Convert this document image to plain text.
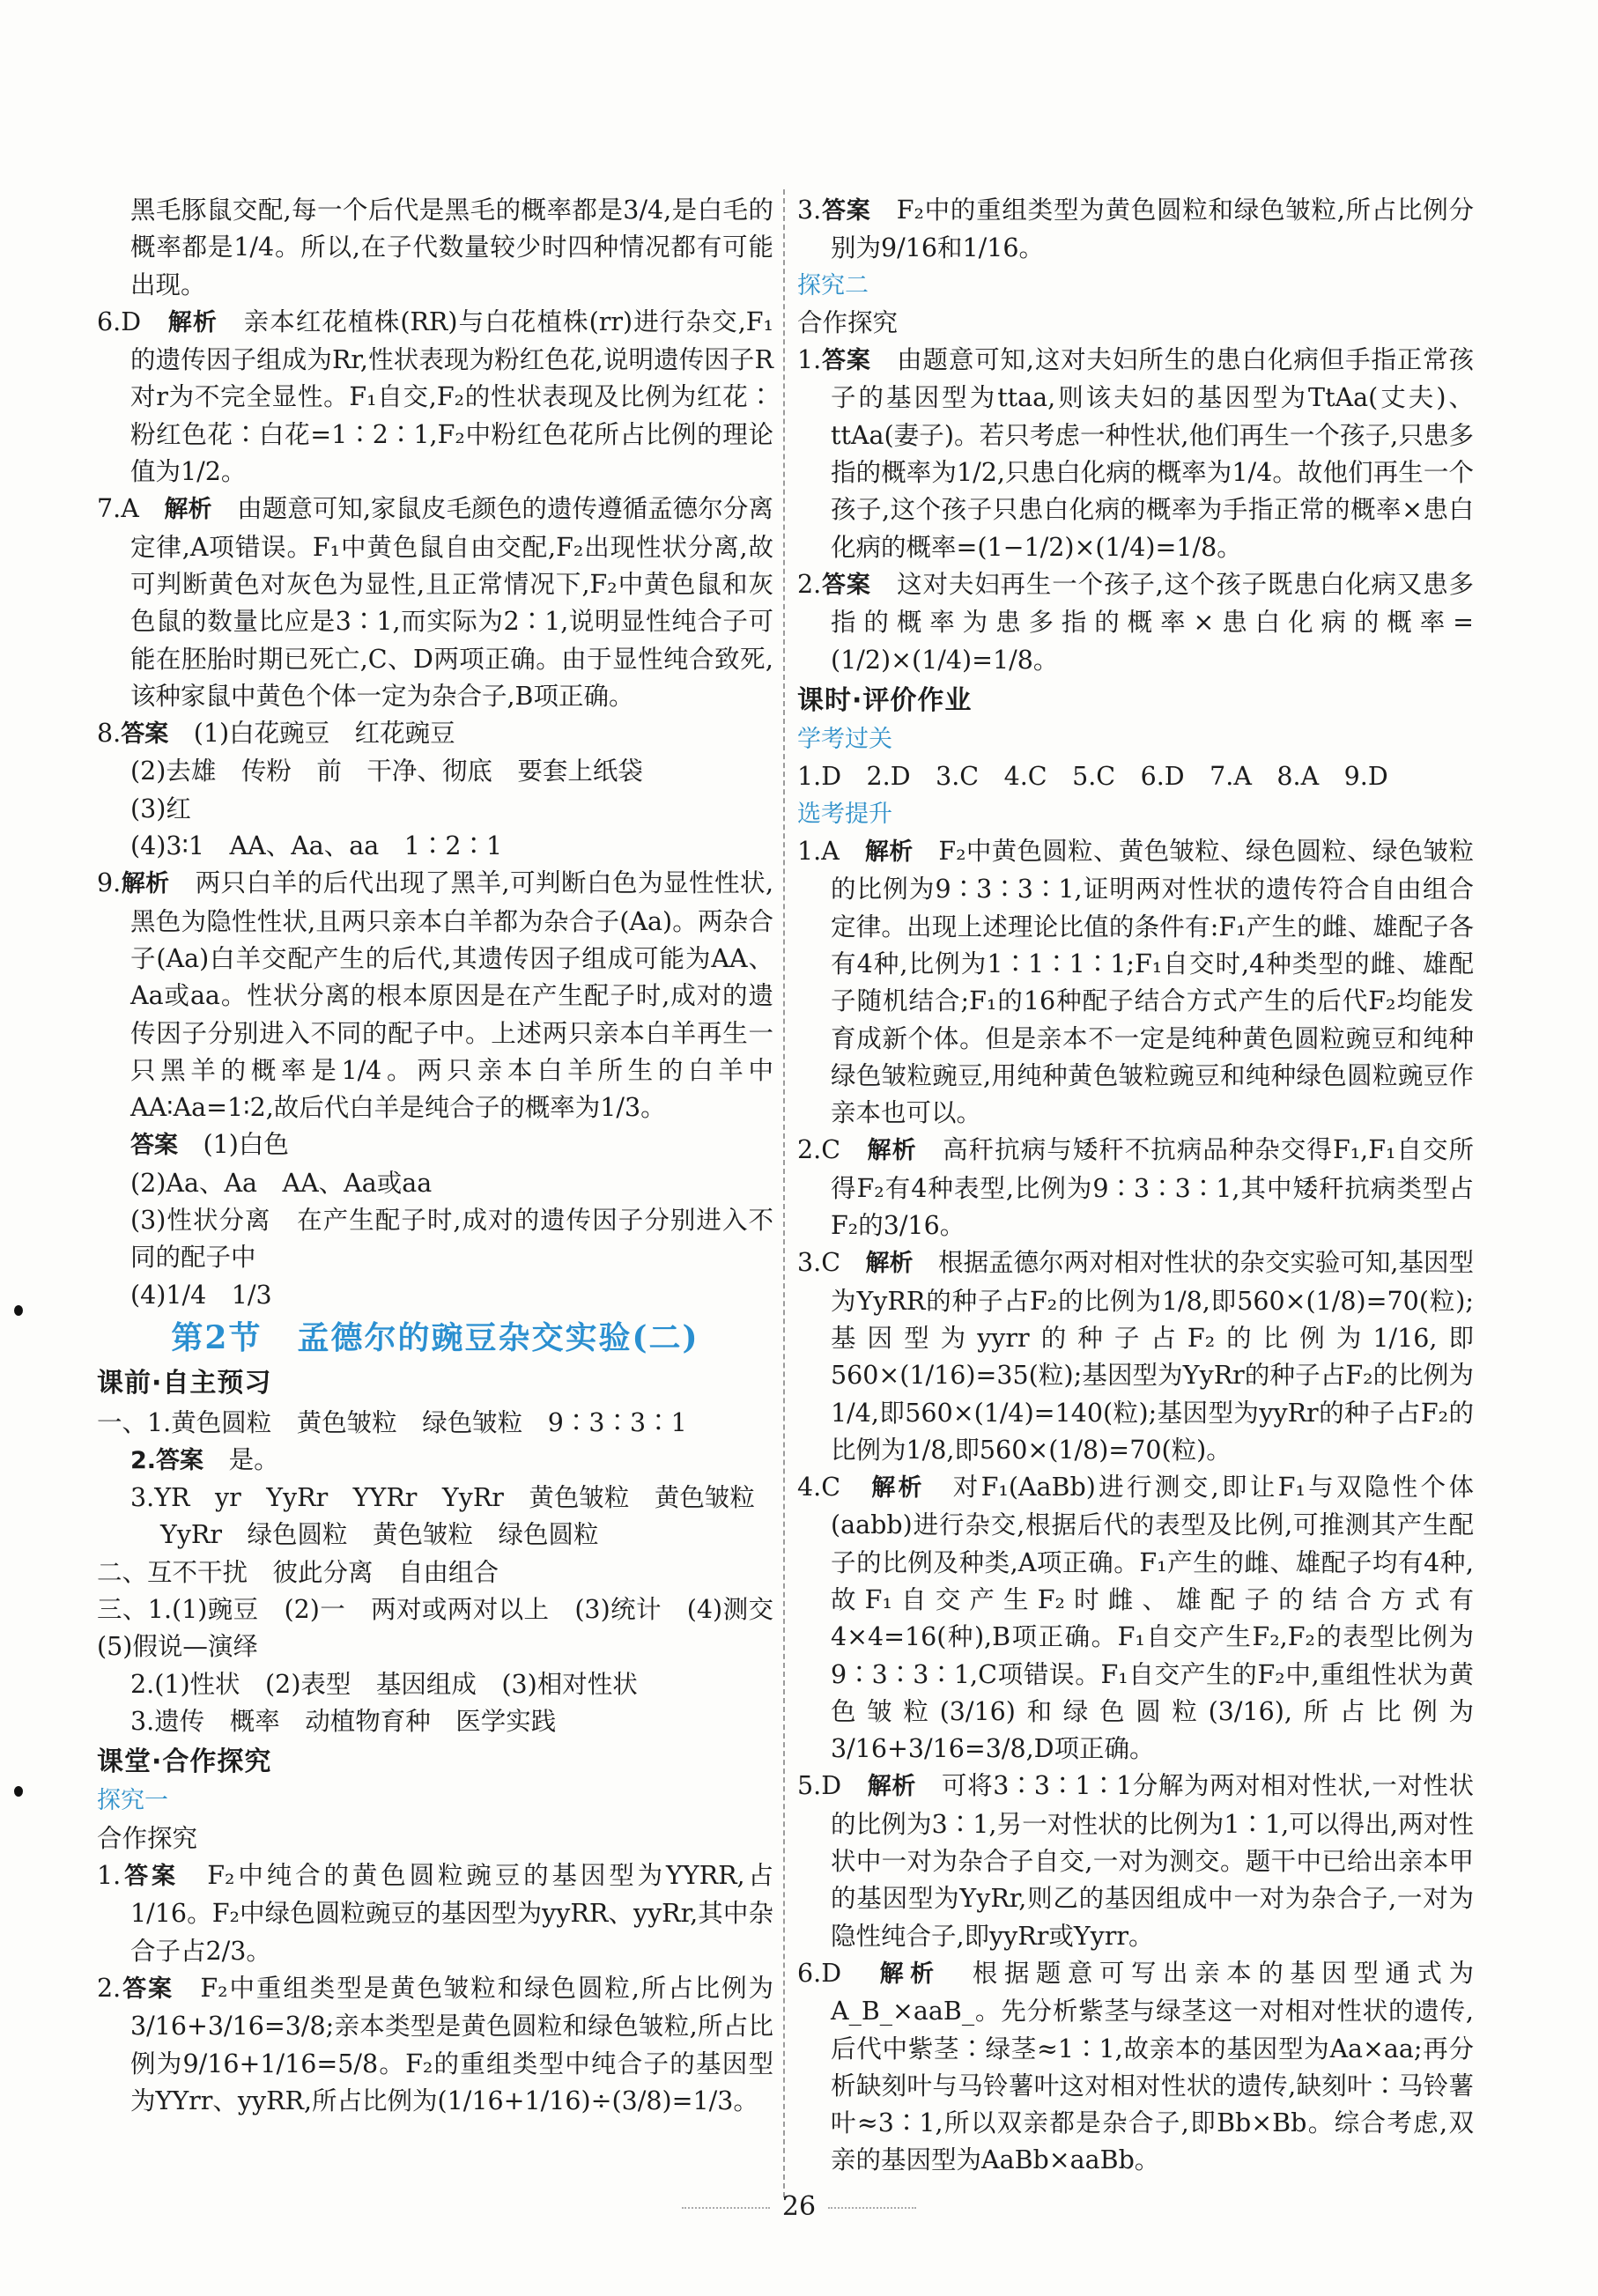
黑毛豚鼠交配,每一个后代是黑毛的概率都是3/4,是白毛的概率都是1/4。所以,在子代数量较少时四种情况都有可能出现。

6.D　 解析　 亲本红花植株(RR)与白花植株(rr)进行杂交,F₁的遗传因子组成为Rr,性状表现为粉红色花,说明遗传因子R对r为不完全显性。F₁自交,F₂的性状表现及比例为红花∶粉红色花∶白花=1∶2∶1,F₂中粉红色花所占比例的理论值为1/2。

7.A　 解析　 由题意可知,家鼠皮毛颜色的遗传遵循孟德尔分离定律,A项错误。F₁中黄色鼠自由交配,F₂出现性状分离,故可判断黄色对灰色为显性,且正常情况下,F₂中黄色鼠和灰色鼠的数量比应是3∶1,而实际为2∶1,说明显性纯合子可能在胚胎时期已死亡,C、D两项正确。由于显性纯合致死,该种家鼠中黄色个体一定为杂合子,B项正确。

8.答案　 (1)白花豌豆　红花豌豆

(2)去雄　传粉　前　干净、彻底　要套上纸袋

(3)红

(4)3∶1　AA、Aa、aa　1∶2∶1

9.解析　 两只白羊的后代出现了黑羊,可判断白色为显性性状,黑色为隐性性状,且两只亲本白羊都为杂合子(Aa)。两杂合子(Aa)白羊交配产生的后代,其遗传因子组成可能为AA、Aa或aa。性状分离的根本原因是在产生配子时,成对的遗传因子分别进入不同的配子中。上述两只亲本白羊再生一只黑羊的概率是1/4。两只亲本白羊所生的白羊中AA∶Aa=1∶2,故后代白羊是纯合子的概率为1/3。

答案　 (1)白色

(2)Aa、Aa　AA、Aa或aa

(3)性状分离　在产生配子时,成对的遗传因子分别进入不同的配子中

(4)1/4　1/3

第2节 孟德尔的豌豆杂交实验(二)
课前·自主预习

一、1.黄色圆粒　黄色皱粒　绿色皱粒　9∶3∶3∶1

2.答案　 是。

3.YR　yr　YyRr　YYRr　YyRr　黄色皱粒　黄色皱粒

YyRr　绿色圆粒　黄色皱粒　绿色圆粒

二、互不干扰　彼此分离　自由组合

三、1.(1)豌豆　(2)一　两对或两对以上　(3)统计　(4)测交　(5)假说—演绎

2.(1)性状　(2)表型　基因组成　(3)相对性状

3.遗传　概率　动植物育种　医学实践

课堂·合作探究
探究一

合作探究

1.答案　 F₂中纯合的黄色圆粒豌豆的基因型为YYRR,占1/16。F₂中绿色圆粒豌豆的基因型为yyRR、yyRr,其中杂合子占2/3。

2.答案　 F₂中重组类型是黄色皱粒和绿色圆粒,所占比例为3/16+3/16=3/8;亲本类型是黄色圆粒和绿色皱粒,所占比例为9/16+1/16=5/8。F₂的重组类型中纯合子的基因型为YYrr、yyRR,所占比例为(1/16+1/16)÷(3/8)=1/3。

3.答案　 F₂中的重组类型为黄色圆粒和绿色皱粒,所占比例分别为9/16和1/16。

探究二

合作探究

1.答案　 由题意可知,这对夫妇所生的患白化病但手指正常孩子的基因型为ttaa,则该夫妇的基因型为TtAa(丈夫)、ttAa(妻子)。若只考虑一种性状,他们再生一个孩子,只患多指的概率为1/2,只患白化病的概率为1/4。故他们再生一个孩子,这个孩子只患白化病的概率为手指正常的概率×患白化病的概率=(1−1/2)×(1/4)=1/8。

2.答案　 这对夫妇再生一个孩子,这个孩子既患白化病又患多指的概率为患多指的概率×患白化病的概率=(1/2)×(1/4)=1/8。

课时·评价作业
学考过关

1.D　2.D　3.C　4.C　5.C　6.D　7.A　8.A　9.D

选考提升

1.A　 解析　 F₂中黄色圆粒、黄色皱粒、绿色圆粒、绿色皱粒的比例为9∶3∶3∶1,证明两对性状的遗传符合自由组合定律。出现上述理论比值的条件有:F₁产生的雌、雄配子各有4种,比例为1∶1∶1∶1;F₁自交时,4种类型的雌、雄配子随机结合;F₁的16种配子结合方式产生的后代F₂均能发育成新个体。但是亲本不一定是纯种黄色圆粒豌豆和纯种绿色皱粒豌豆,用纯种黄色皱粒豌豆和纯种绿色圆粒豌豆作亲本也可以。

2.C　 解析　 高秆抗病与矮秆不抗病品种杂交得F₁,F₁自交所得F₂有4种表型,比例为9∶3∶3∶1,其中矮秆抗病类型占F₂的3/16。

3.C　 解析　 根据孟德尔两对相对性状的杂交实验可知,基因型为YyRR的种子占F₂的比例为1/8,即560×(1/8)=70(粒);基因型为yyrr的种子占F₂的比例为1/16,即560×(1/16)=35(粒);基因型为YyRr的种子占F₂的比例为1/4,即560×(1/4)=140(粒);基因型为yyRr的种子占F₂的比例为1/8,即560×(1/8)=70(粒)。

4.C　 解析　 对F₁(AaBb)进行测交,即让F₁与双隐性个体(aabb)进行杂交,根据后代的表型及比例,可推测其产生配子的比例及种类,A项正确。F₁产生的雌、雄配子均有4种,故F₁自交产生F₂时雌、雄配子的结合方式有4×4=16(种),B项正确。F₁自交产生F₂,F₂的表型比例为9∶3∶3∶1,C项错误。F₁自交产生的F₂中,重组性状为黄色皱粒(3/16)和绿色圆粒(3/16),所占比例为3/16+3/16=3/8,D项正确。

5.D　 解析　 可将3∶3∶1∶1分解为两对相对性状,一对性状的比例为3∶1,另一对性状的比例为1∶1,可以得出,两对性状中一对为杂合子自交,一对为测交。题干中已给出亲本甲的基因型为YyRr,则乙的基因组成中一对为杂合子,一对为隐性纯合子,即yyRr或Yyrr。

6.D　 解析　 根据题意可写出亲本的基因型通式为A_B_×aaB_。先分析紫茎与绿茎这一对相对性状的遗传,后代中紫茎∶绿茎≈1∶1,故亲本的基因型为Aa×aa;再分析缺刻叶与马铃薯叶这对相对性状的遗传,缺刻叶∶马铃薯叶≈3∶1,所以双亲都是杂合子,即Bb×Bb。综合考虑,双亲的基因型为AaBb×aaBb。

26
